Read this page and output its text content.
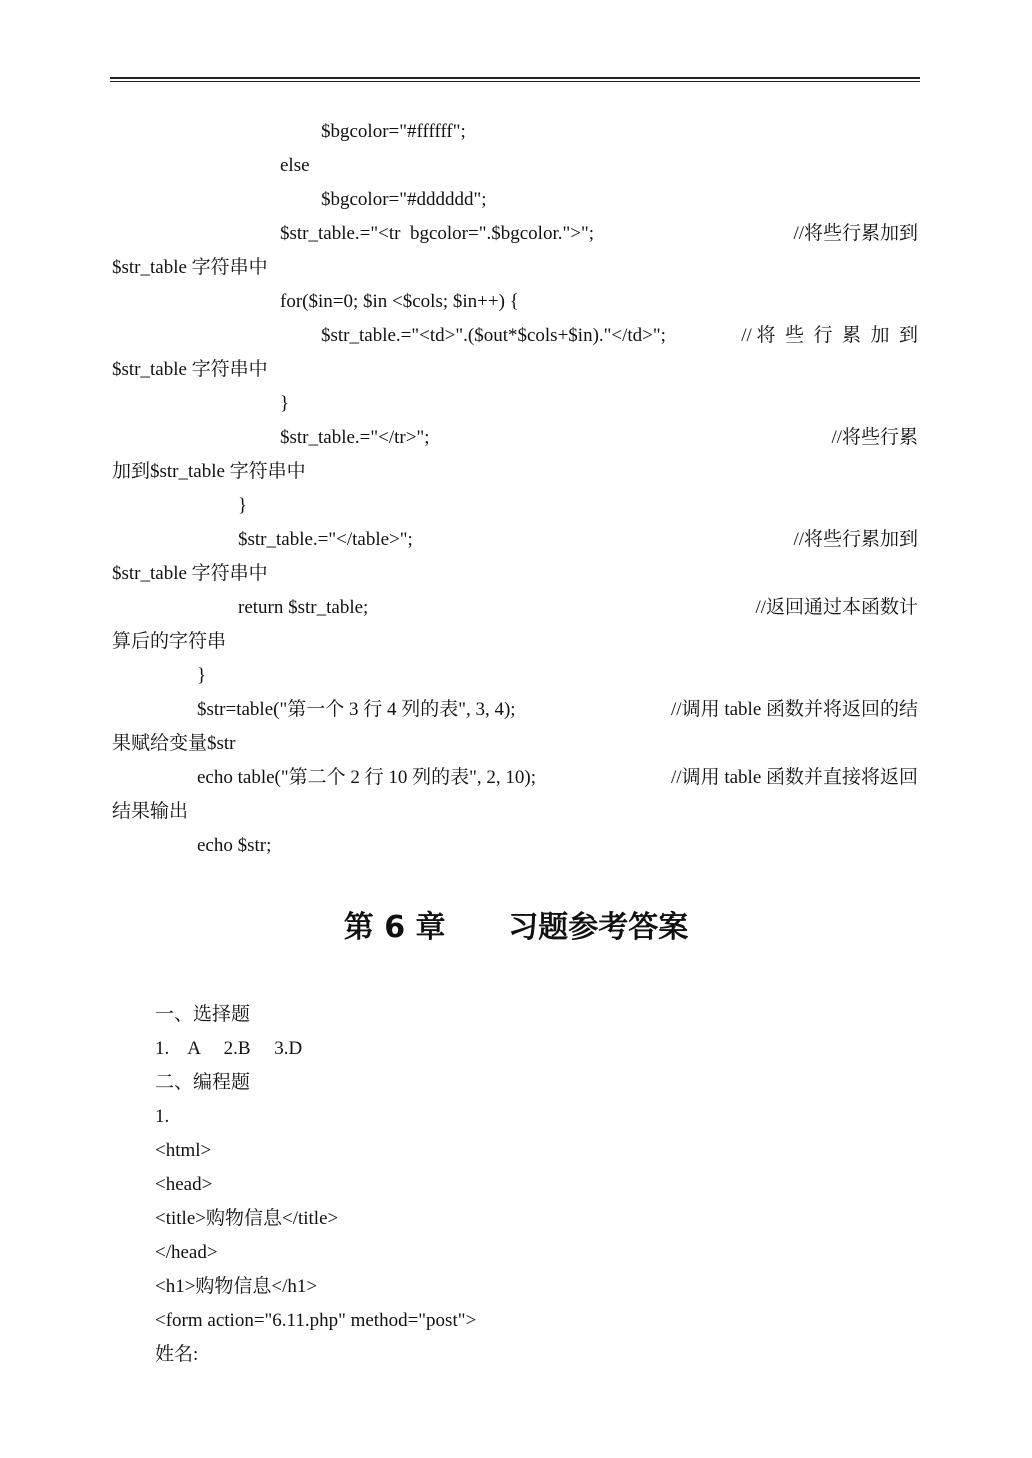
$bgcolor="#ffffff";
else
$bgcolor="#dddddd";
$str_table.="<tr  bgcolor=".$bgcolor.">";	//将些行累加到
$str_table 字符串中
for($in=0; $in <$cols; $in++) {
$str_table.="<td>".($out*$cols+$in)."</td>";	// 将  些  行  累  加  到
$str_table 字符串中
}
$str_table.="</tr>";	//将些行累
加到$str_table 字符串中
}
$str_table.="</table>";	//将些行累加到
$str_table 字符串中
return $str_table;	//返回通过本函数计
算后的字符串
}
$str=table("第一个 3 行 4 列的表", 3, 4);	//调用 table 函数并将返回的结
果赋给变量$str
echo table("第二个 2 行 10 列的表", 2, 10);	//调用 table 函数并直接将返回
结果输出
echo $str;
第 6 章      习题参考答案
一、选择题
1.    A     2.B     3.D
二、编程题
1.
<html>
<head>
<title>购物信息</title>
</head>
<h1>购物信息</h1>
<form action="6.11.php" method="post">
姓名:
